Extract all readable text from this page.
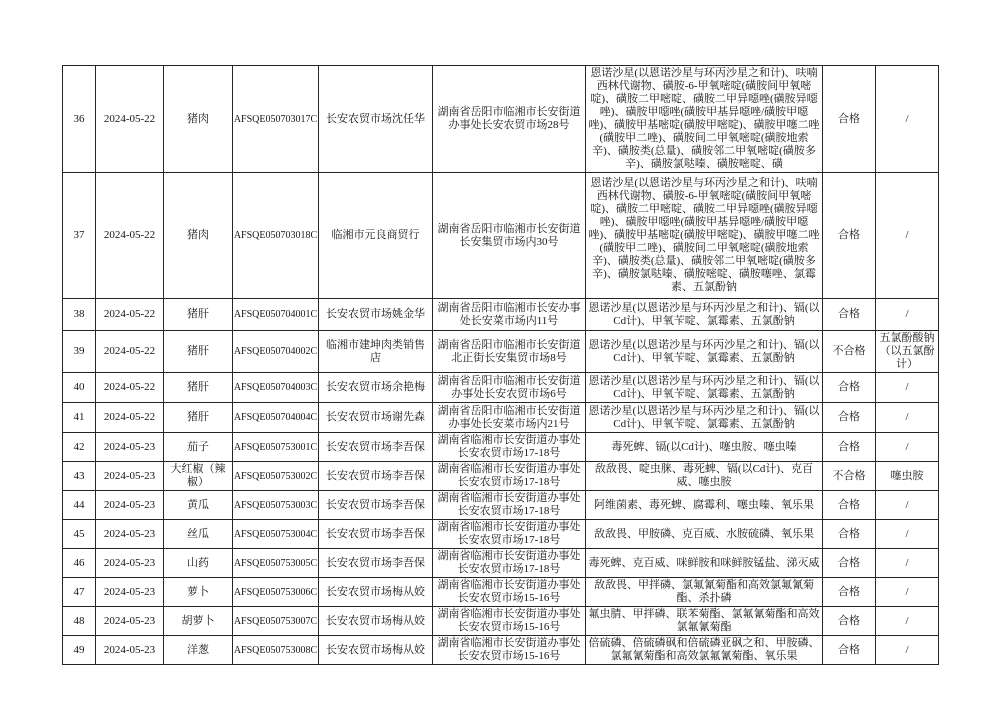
36	2024-05-22	猪肉	AFSQE050703017C	长安农贸市场沈任华	湖南省岳阳市临湘市长安街道办事处长安农贸市场28号	恩诺沙星(以恩诺沙星与环丙沙星之和计)、呋喃西林代谢物、磺胺-6-甲氧嘧啶(磺胺间甲氧嘧啶)、磺胺二甲嘧啶、磺胺二甲异噁唑(磺胺异噁唑)、磺胺甲噁唑(磺胺甲基异噁唑/磺胺甲噁唑)、磺胺甲基嘧啶(磺胺甲嘧啶)、磺胺甲噻二唑(磺胺甲二唑)、磺胺间二甲氧嘧啶(磺胺地索辛)、磺胺类(总量)、磺胺邻二甲氧嘧啶(磺胺多辛)、磺胺氯哒嗪、磺胺嘧啶、磺	合格	/
37	2024-05-22	猪肉	AFSQE050703018C	临湘市元良商贸行	湖南省岳阳市临湘市长安街道长安集贸市场内30号	恩诺沙星(以恩诺沙星与环丙沙星之和计)、呋喃西林代谢物、磺胺-6-甲氧嘧啶(磺胺间甲氧嘧啶)、磺胺二甲嘧啶、磺胺二甲异噁唑(磺胺异噁唑)、磺胺甲噁唑(磺胺甲基异噁唑/磺胺甲噁唑)、磺胺甲基嘧啶(磺胺甲嘧啶)、磺胺甲噻二唑(磺胺甲二唑)、磺胺间二甲氧嘧啶(磺胺地索辛)、磺胺类(总量)、磺胺邻二甲氧嘧啶(磺胺多辛)、磺胺氯哒嗪、磺胺嘧啶、磺胺噻唑、氯霉素、五氯酚钠	合格	/
38	2024-05-22	猪肝	AFSQE050704001C	长安农贸市场姚金华	湖南省岳阳市临湘市长安办事处长安菜市场内11号	恩诺沙星(以恩诺沙星与环丙沙星之和计)、镉(以Cd计)、甲氧苄啶、氯霉素、五氯酚钠	合格	/
39	2024-05-22	猪肝	AFSQE050704002C	临湘市建坤肉类销售店	湖南省岳阳市临湘市长安街道北正街长安集贸市场8号	恩诺沙星(以恩诺沙星与环丙沙星之和计)、镉(以Cd计)、甲氧苄啶、氯霉素、五氯酚钠	不合格	五氯酚酸钠（以五氯酚计）
40	2024-05-22	猪肝	AFSQE050704003C	长安农贸市场余艳梅	湖南省岳阳市临湘市长安街道办事处长安农贸市场6号	恩诺沙星(以恩诺沙星与环丙沙星之和计)、镉(以Cd计)、甲氧苄啶、氯霉素、五氯酚钠	合格	/
41	2024-05-22	猪肝	AFSQE050704004C	长安农贸市场谢先森	湖南省岳阳市临湘市长安街道办事处长安菜市场内21号	恩诺沙星(以恩诺沙星与环丙沙星之和计)、镉(以Cd计)、甲氧苄啶、氯霉素、五氯酚钠	合格	/
42	2024-05-23	茄子	AFSQE050753001C	长安农贸市场李吾保	湖南省临湘市长安街道办事处长安农贸市场17-18号	毒死蜱、镉(以Cd计)、噻虫胺、噻虫嗪	合格	/
43	2024-05-23	大红椒（辣椒）	AFSQE050753002C	长安农贸市场李吾保	湖南省临湘市长安街道办事处长安农贸市场17-18号	敌敌畏、啶虫脒、毒死蜱、镉(以Cd计)、克百威、噻虫胺	不合格	噻虫胺
44	2024-05-23	黄瓜	AFSQE050753003C	长安农贸市场李吾保	湖南省临湘市长安街道办事处长安农贸市场17-18号	阿维菌素、毒死蜱、腐霉利、噻虫嗪、氧乐果	合格	/
45	2024-05-23	丝瓜	AFSQE050753004C	长安农贸市场李吾保	湖南省临湘市长安街道办事处长安农贸市场17-18号	敌敌畏、甲胺磷、克百威、水胺硫磷、氧乐果	合格	/
46	2024-05-23	山药	AFSQE050753005C	长安农贸市场李吾保	湖南省临湘市长安街道办事处长安农贸市场17-18号	毒死蜱、克百威、咪鲜胺和咪鲜胺锰盐、涕灭威	合格	/
47	2024-05-23	萝卜	AFSQE050753006C	长安农贸市场梅从姣	湖南省临湘市长安街道办事处长安农贸市场15-16号	敌敌畏、甲拌磷、氯氟氰菊酯和高效氯氟氰菊酯、杀扑磷	合格	/
48	2024-05-23	胡萝卜	AFSQE050753007C	长安农贸市场梅从姣	湖南省临湘市长安街道办事处长安农贸市场15-16号	氟虫腈、甲拌磷、联苯菊酯、氯氟氰菊酯和高效氯氟氰菊酯	合格	/
49	2024-05-23	洋葱	AFSQE050753008C	长安农贸市场梅从姣	湖南省临湘市长安街道办事处长安农贸市场15-16号	倍硫磷、倍硫磷砜和倍硫磷亚砜之和、甲胺磷、氯氟氰菊酯和高效氯氟氰菊酯、氧乐果	合格	/
